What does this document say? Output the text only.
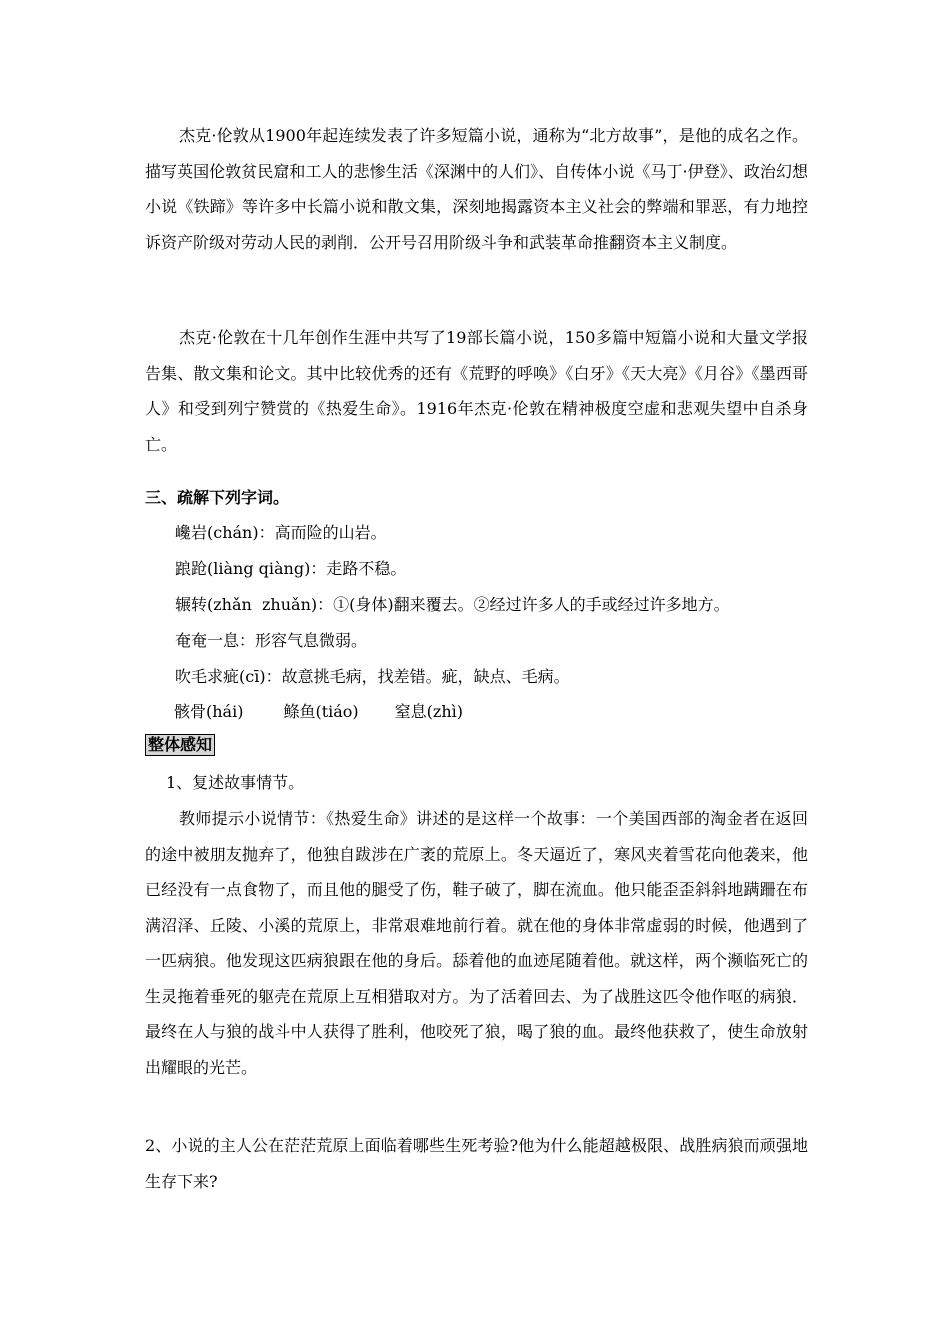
杰克·伦敦从1900年起连续发表了许多短篇小说，通称为“北方故事”，是他的成名之作。描写英国伦敦贫民窟和工人的悲惨生活《深渊中的人们》、自传体小说《马丁·伊登》、政治幻想小说《铁蹄》等许多中长篇小说和散文集，深刻地揭露资本主义社会的弊端和罪恶，有力地控诉资产阶级对劳动人民的剥削．公开号召用阶级斗争和武装革命推翻资本主义制度。

杰克·伦敦在十几年创作生涯中共写了19部长篇小说，150多篇中短篇小说和大量文学报告集、散文集和论文。其中比较优秀的还有《荒野的呼唤》《白牙》《天大亮》《月谷》《墨西哥人》和受到列宁赞赏的《热爱生命》。1916年杰克·伦敦在精神极度空虚和悲观失望中自杀身亡。

三、疏解下列字词。

巉岩(chán)：高而险的山岩。

踉跄(liàng qiàng)：走路不稳。

辗转(zhǎn  zhuǎn)：①(身体)翻来覆去。②经过许多人的手或经过许多地方。

奄奄一息：形容气息微弱。

吹毛求疵(cī)：故意挑毛病，找差错。疵，缺点、毛病。

骸骨(hái)	鲦鱼(tiáo) 窒息(zhì)

整体感知

1、复述故事情节。

教师提示小说情节：《热爱生命》讲述的是这样一个故事：一个美国西部的淘金者在返回的途中被朋友抛弃了，他独自跋涉在广袤的荒原上。冬天逼近了，寒风夹着雪花向他袭来，他已经没有一点食物了，而且他的腿受了伤，鞋子破了，脚在流血。他只能歪歪斜斜地蹒跚在布满沼泽、丘陵、小溪的荒原上，非常艰难地前行着。就在他的身体非常虚弱的时候，他遇到了一匹病狼。他发现这匹病狼跟在他的身后。舔着他的血迹尾随着他。就这样，两个濒临死亡的生灵拖着垂死的躯壳在荒原上互相猎取对方。为了活着回去、为了战胜这匹令他作呕的病狼．最终在人与狼的战斗中人获得了胜利，他咬死了狼，喝了狼的血。最终他获救了，使生命放射出耀眼的光芒。

2、小说的主人公在茫茫荒原上面临着哪些生死考验?他为什么能超越极限、战胜病狼而顽强地生存下来?
